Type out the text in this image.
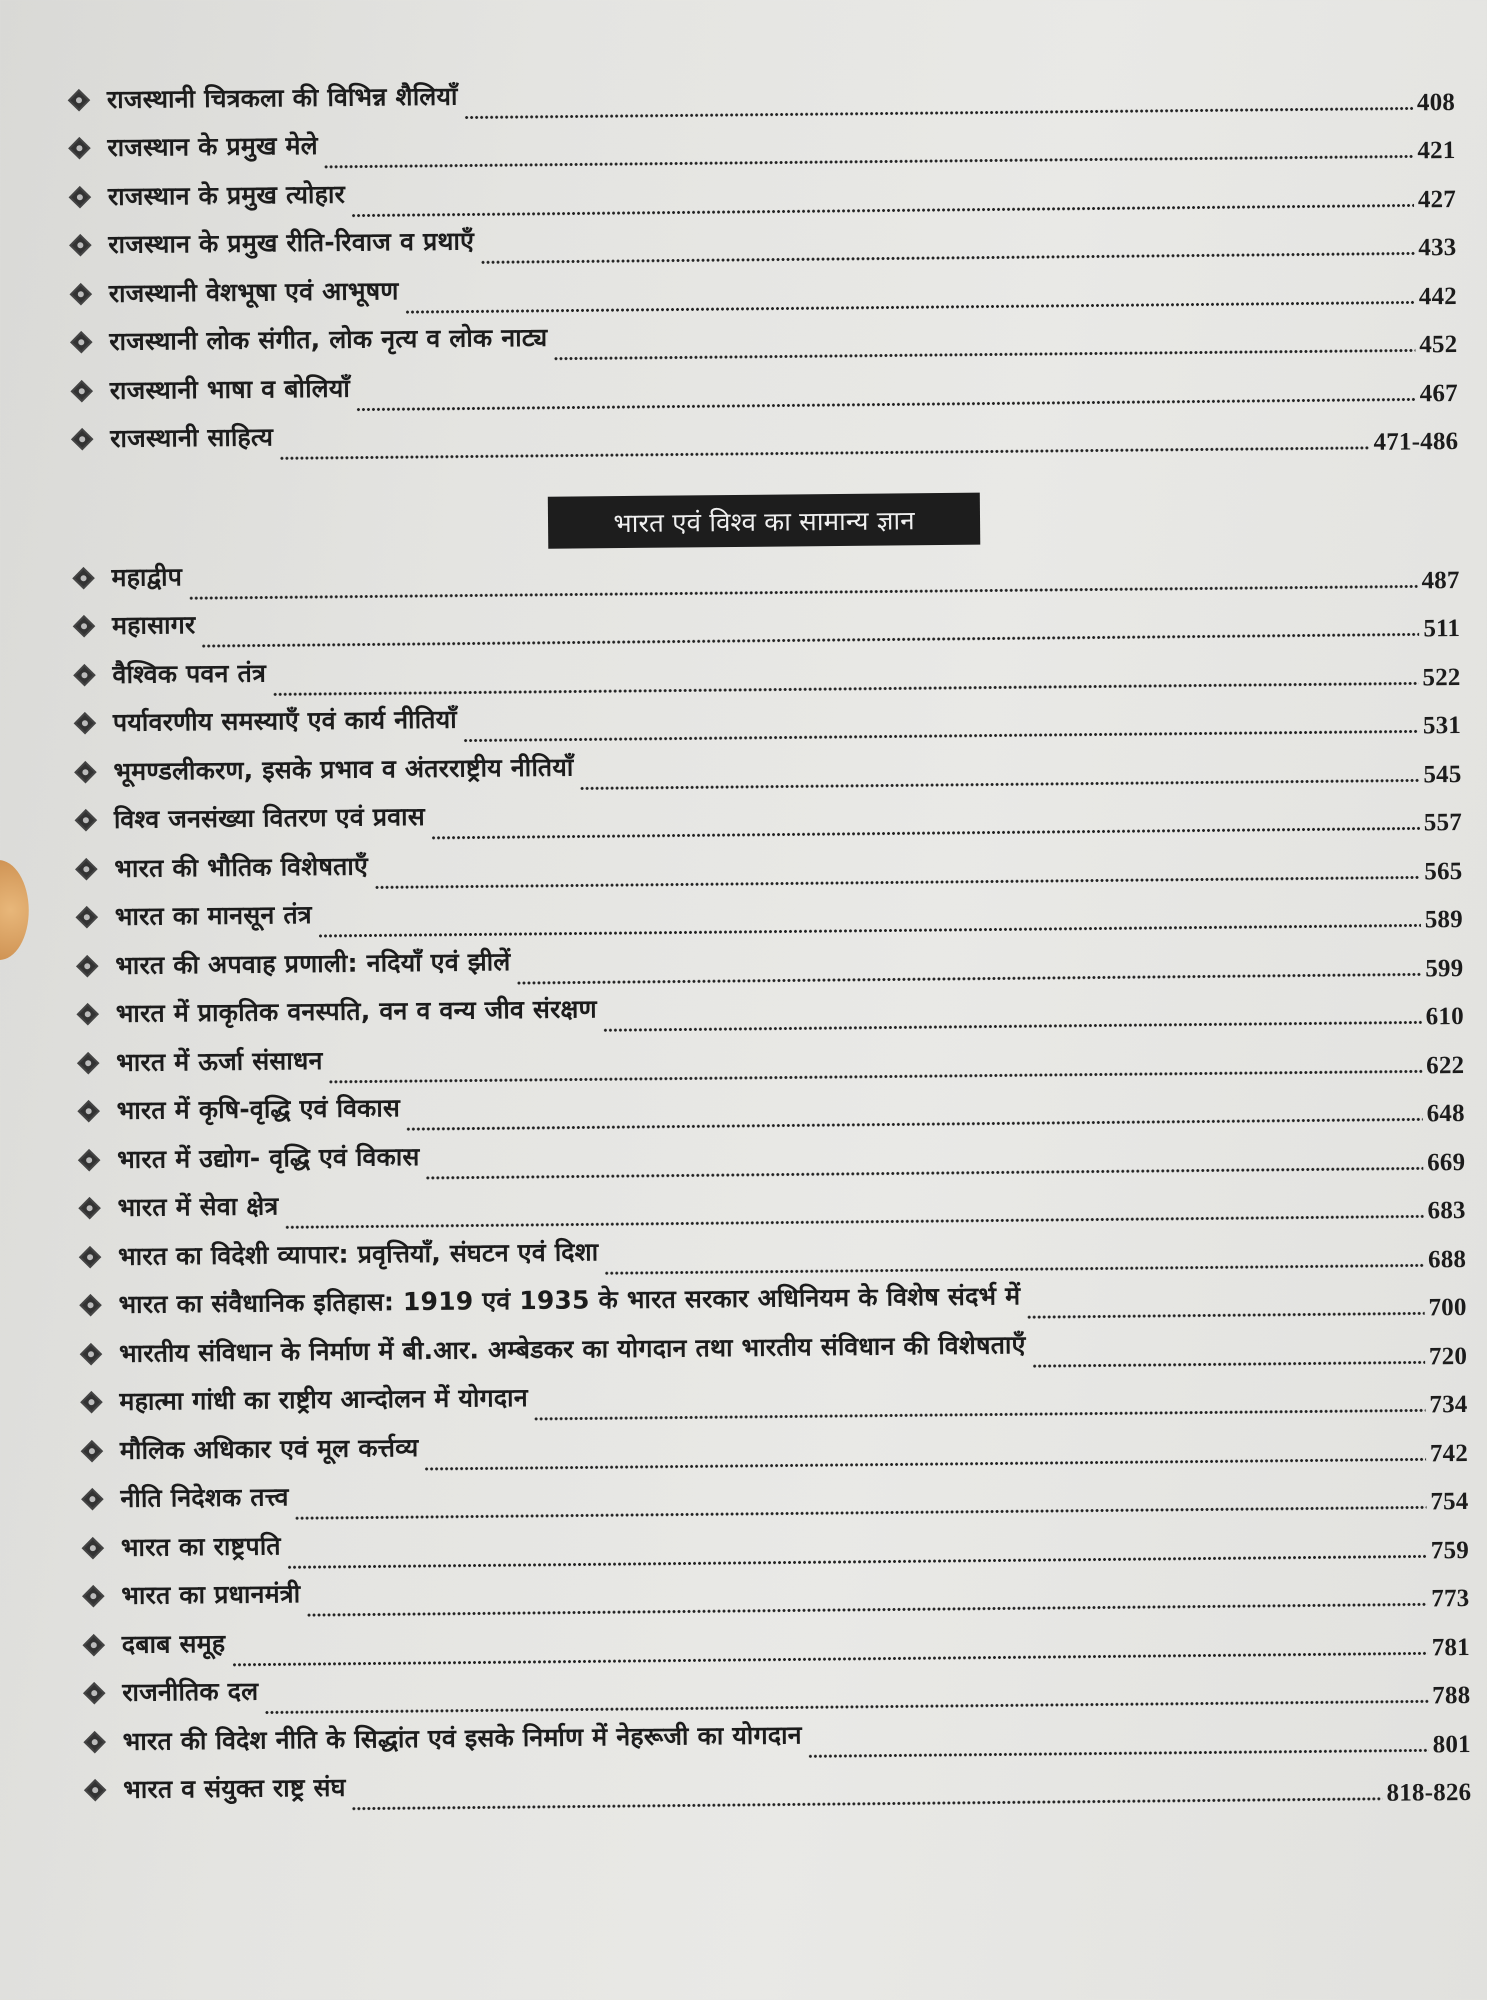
राजस्थानी चित्रकला की विभिन्न शैलियाँ	408
राजस्थान के प्रमुख मेले	421
राजस्थान के प्रमुख त्योहार	427
राजस्थान के प्रमुख रीति-रिवाज व प्रथाएँ	433
राजस्थानी वेशभूषा एवं आभूषण	442
राजस्थानी लोक संगीत, लोक नृत्य व लोक नाट्य	452
राजस्थानी भाषा व बोलियाँ	467
राजस्थानी साहित्य	471-486
भारत एवं विश्व का सामान्य ज्ञान
महाद्वीप	487
महासागर	511
वैश्विक पवन तंत्र	522
पर्यावरणीय समस्याएँ एवं कार्य नीतियाँ	531
भूमण्डलीकरण, इसके प्रभाव व अंतरराष्ट्रीय नीतियाँ	545
विश्व जनसंख्या वितरण एवं प्रवास	557
भारत की भौतिक विशेषताएँ	565
भारत का मानसून तंत्र	589
भारत की अपवाह प्रणाली: नदियाँ एवं झीलें	599
भारत में प्राकृतिक वनस्पति, वन व वन्य जीव संरक्षण	610
भारत में ऊर्जा संसाधन	622
भारत में कृषि-वृद्धि एवं विकास	648
भारत में उद्योग- वृद्धि एवं विकास	669
भारत में सेवा क्षेत्र	683
भारत का विदेशी व्यापार: प्रवृत्तियाँ, संघटन एवं दिशा	688
भारत का संवैधानिक इतिहास: 1919 एवं 1935 के भारत सरकार अधिनियम के विशेष संदर्भ में	700
भारतीय संविधान के निर्माण में बी.आर. अम्बेडकर का योगदान तथा भारतीय संविधान की विशेषताएँ	720
महात्मा गांधी का राष्ट्रीय आन्दोलन में योगदान	734
मौलिक अधिकार एवं मूल कर्त्तव्य	742
नीति निदेशक तत्त्व	754
भारत का राष्ट्रपति	759
भारत का प्रधानमंत्री	773
दबाब समूह	781
राजनीतिक दल	788
भारत की विदेश नीति के सिद्धांत एवं इसके निर्माण में नेहरूजी का योगदान	801
भारत व संयुक्त राष्ट्र संघ	818-826
